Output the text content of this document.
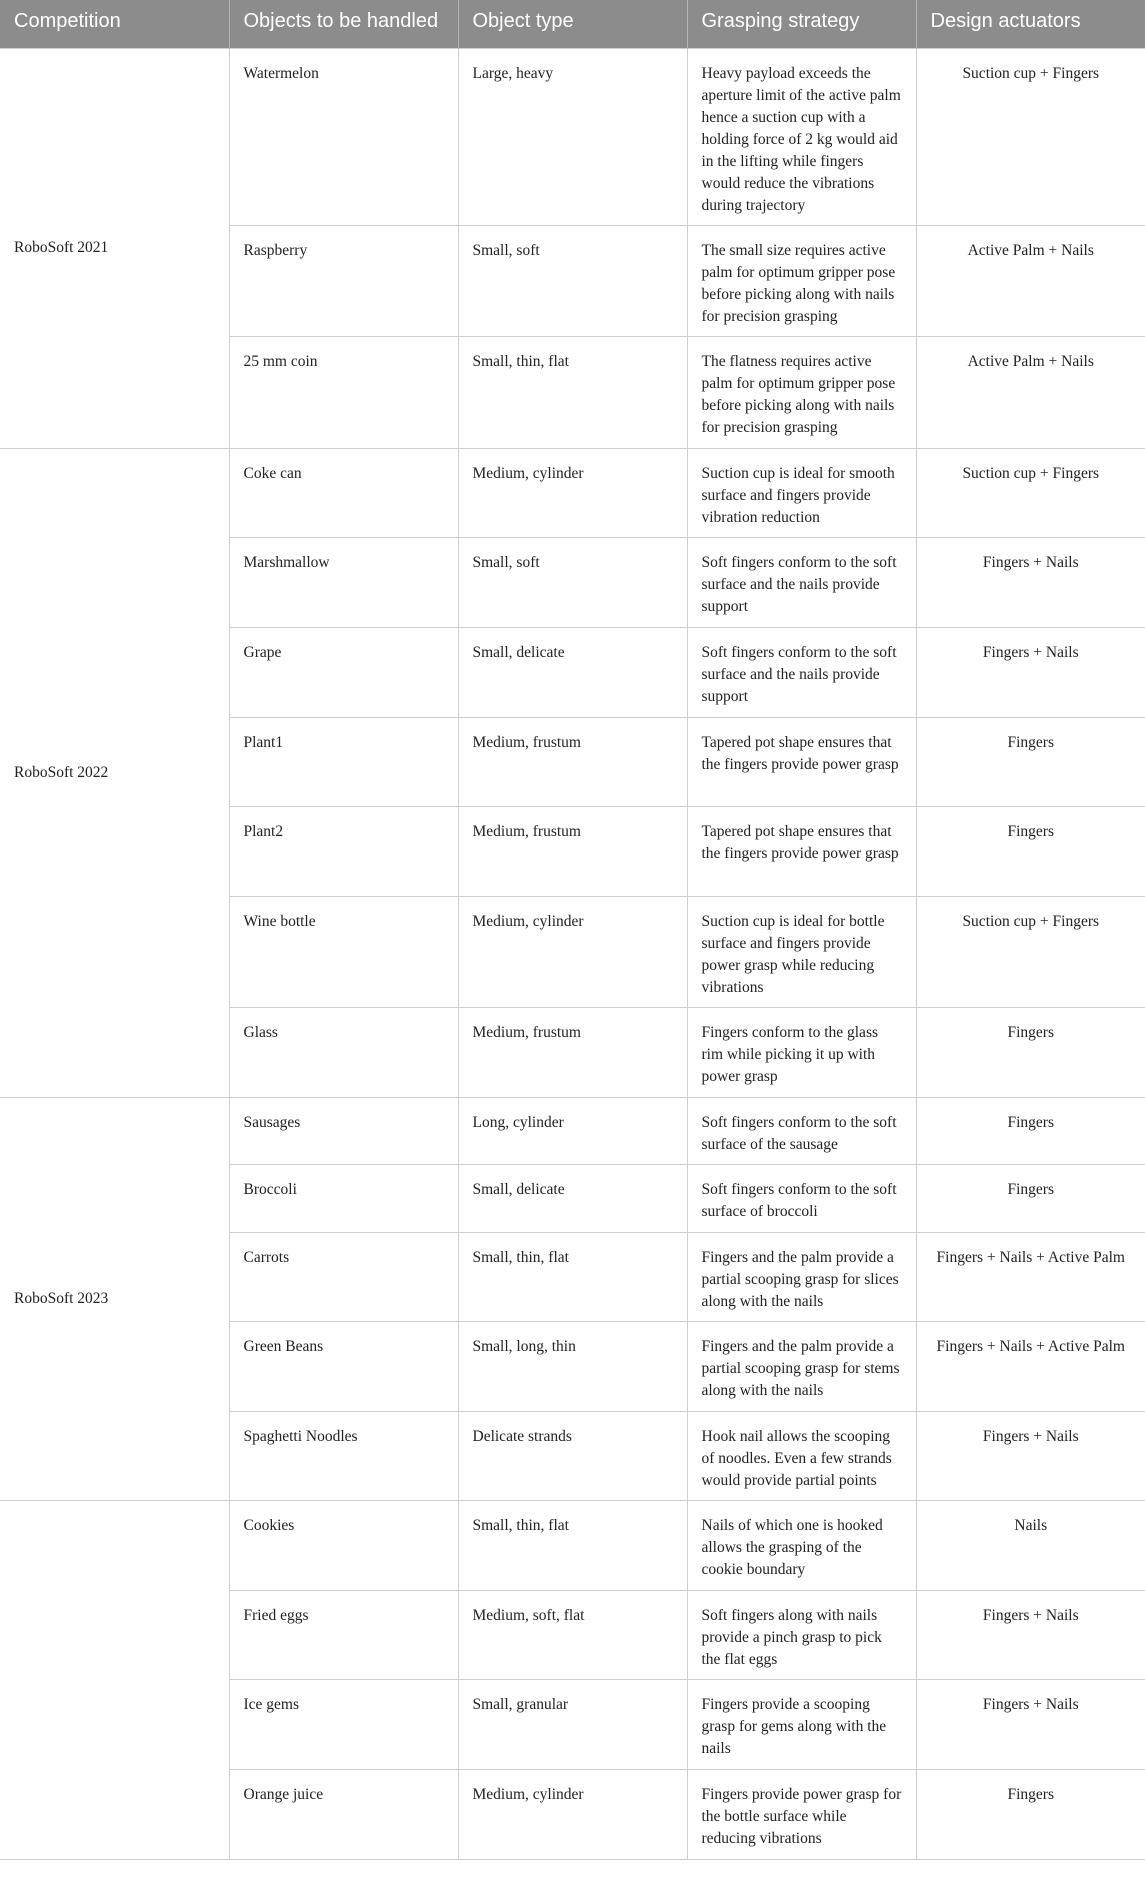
Competition	Objects to be handled	Object type	Grasping strategy	Design actuators
RoboSoft 2021	Watermelon	Large, heavy	Heavy payload exceeds the aperture limit of the active palm hence a suction cup with a holding force of 2 kg would aid in the lifting while fingers would reduce the vibrations during trajectory	Suction cup + Fingers
	Raspberry	Small, soft	The small size requires active palm for optimum gripper pose before picking along with nails for precision grasping	Active Palm + Nails
	25 mm coin	Small, thin, flat	The flatness requires active palm for optimum gripper pose before picking along with nails for precision grasping	Active Palm + Nails
RoboSoft 2022	Coke can	Medium, cylinder	Suction cup is ideal for smooth surface and fingers provide vibration reduction	Suction cup + Fingers
	Marshmallow	Small, soft	Soft fingers conform to the soft surface and the nails provide support	Fingers + Nails
	Grape	Small, delicate	Soft fingers conform to the soft surface and the nails provide support	Fingers + Nails
	Plant1	Medium, frustum	Tapered pot shape ensures that the fingers provide power grasp	Fingers
	Plant2	Medium, frustum	Tapered pot shape ensures that the fingers provide power grasp	Fingers
	Wine bottle	Medium, cylinder	Suction cup is ideal for bottle surface and fingers provide power grasp while reducing vibrations	Suction cup + Fingers
	Glass	Medium, frustum	Fingers conform to the glass rim while picking it up with power grasp	Fingers
RoboSoft 2023	Sausages	Long, cylinder	Soft fingers conform to the soft surface of the sausage	Fingers
	Broccoli	Small, delicate	Soft fingers conform to the soft surface of broccoli	Fingers
	Carrots	Small, thin, flat	Fingers and the palm provide a partial scooping grasp for slices along with the nails	Fingers + Nails + Active Palm
	Green Beans	Small, long, thin	Fingers and the palm provide a partial scooping grasp for stems along with the nails	Fingers + Nails + Active Palm
	Spaghetti Noodles	Delicate strands	Hook nail allows the scooping of noodles. Even a few strands would provide partial points	Fingers + Nails
	Cookies	Small, thin, flat	Nails of which one is hooked allows the grasping of the cookie boundary	Nails
	Fried eggs	Medium, soft, flat	Soft fingers along with nails provide a pinch grasp to pick the flat eggs	Fingers + Nails
	Ice gems	Small, granular	Fingers provide a scooping grasp for gems along with the nails	Fingers + Nails
	Orange juice	Medium, cylinder	Fingers provide power grasp for the bottle surface while reducing vibrations	Fingers
